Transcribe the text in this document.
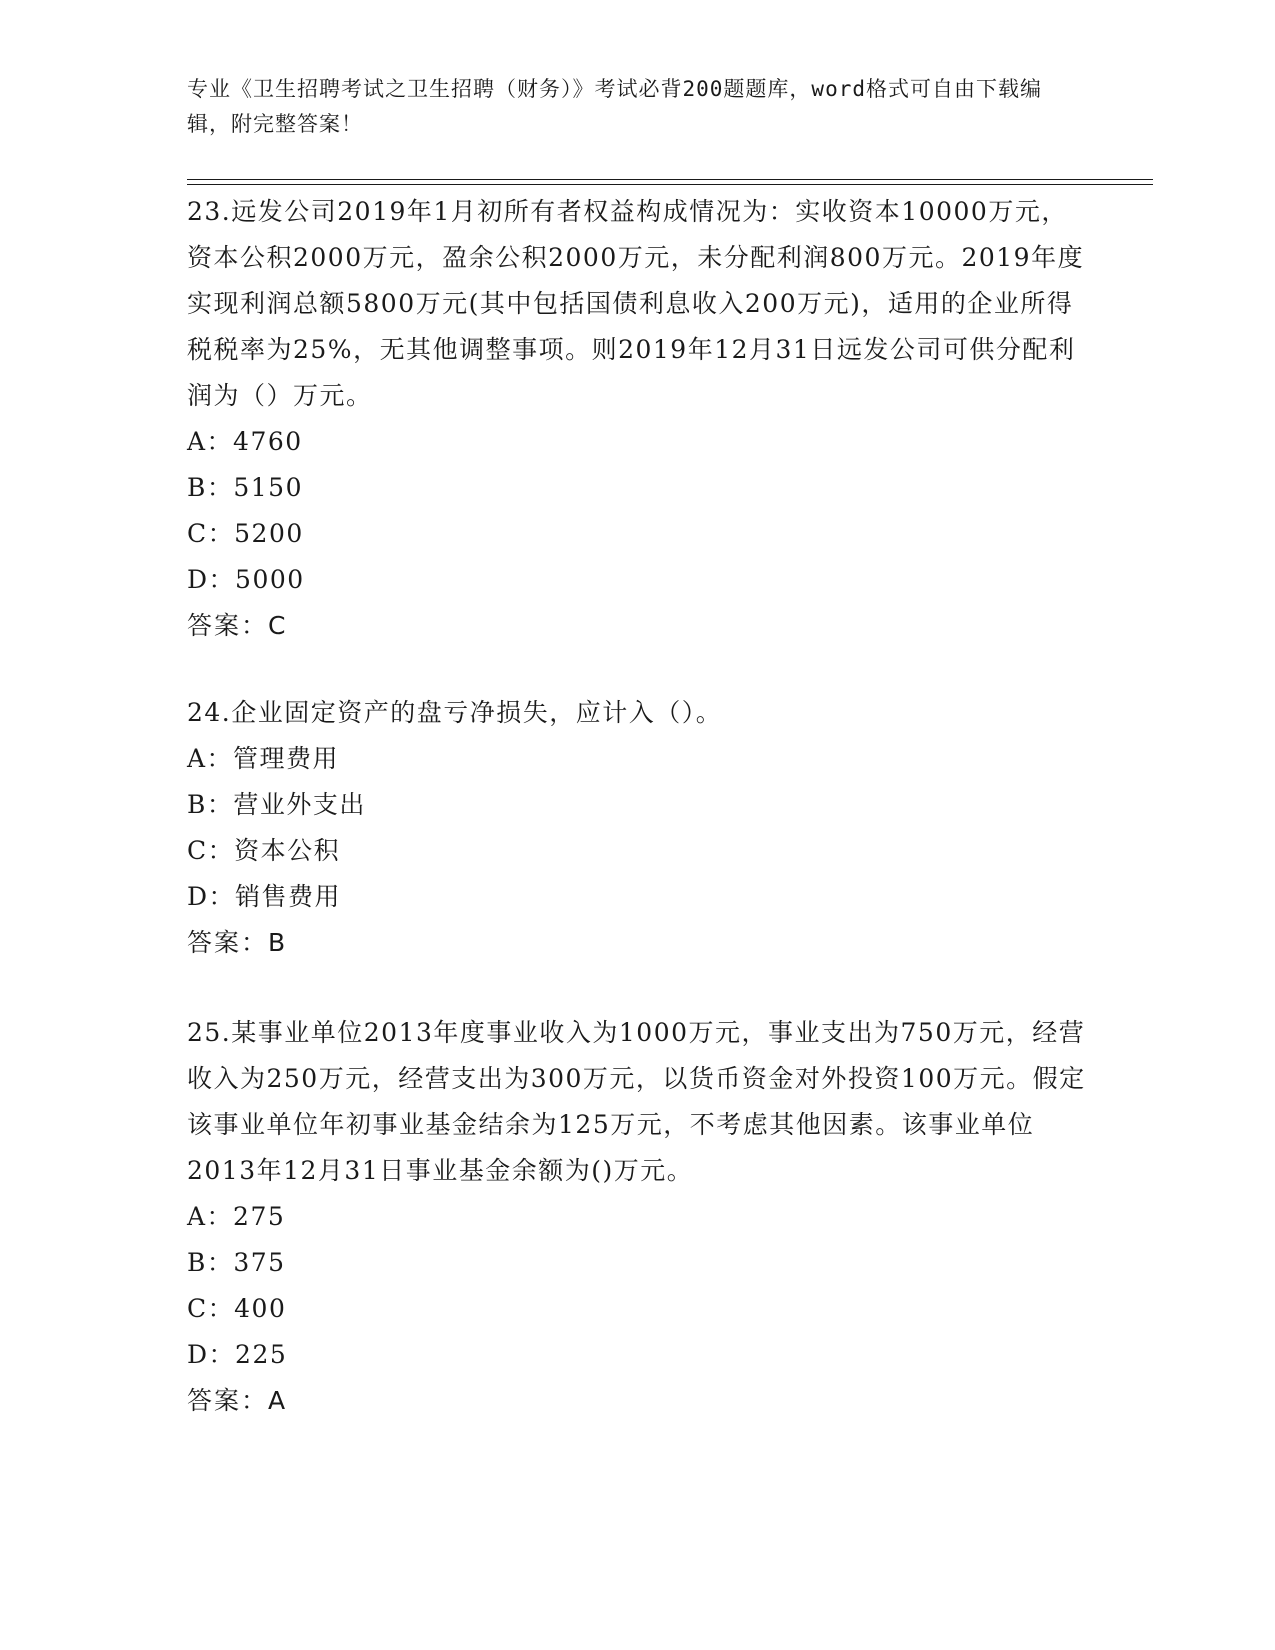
专业《卫生招聘考试之卫生招聘（财务）》考试必背200题题库，word格式可自由下载编辑，附完整答案！

23.远发公司2019年1月初所有者权益构成情况为：实收资本10000万元，资本公积2000万元，盈余公积2000万元，未分配利润800万元。2019年度实现利润总额5800万元(其中包括国债利息收入200万元)，适用的企业所得税税率为25%，无其他调整事项。则2019年12月31日远发公司可供分配利润为（）万元。

A：4760

B：5150

C：5200

D：5000

答案：C

24.企业固定资产的盘亏净损失，应计入（）。

A：管理费用

B：营业外支出

C：资本公积

D：销售费用

答案：B

25.某事业单位2013年度事业收入为1000万元，事业支出为750万元，经营收入为250万元，经营支出为300万元，以货币资金对外投资100万元。假定该事业单位年初事业基金结余为125万元，不考虑其他因素。该事业单位2013年12月31日事业基金余额为()万元。

A：275

B：375

C：400

D：225

答案：A
